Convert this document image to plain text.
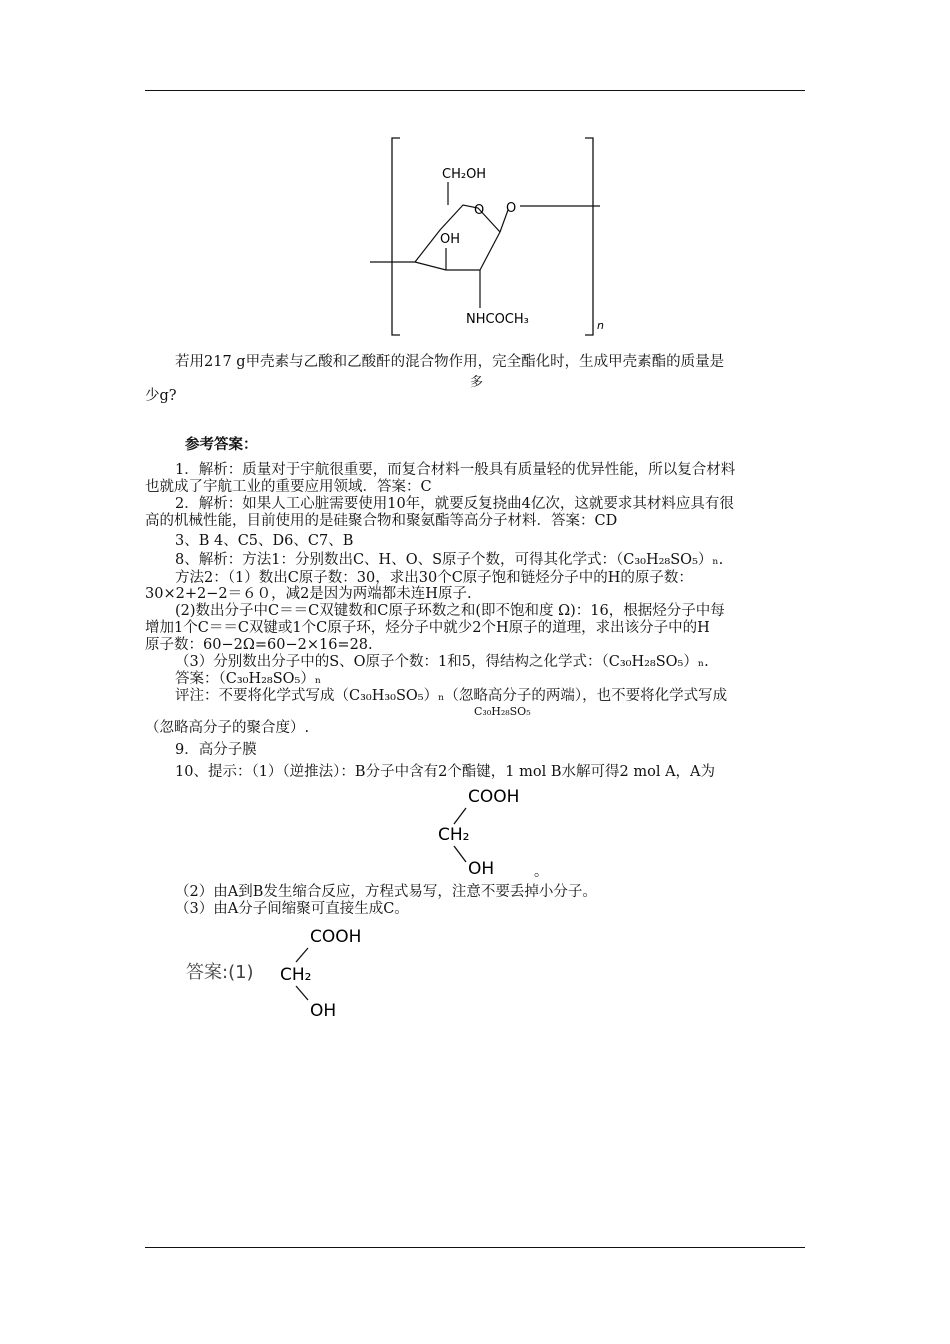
CH₂OH
O O
OH
NHCOCH₃	n
若用217 g甲壳素与乙酸和乙酸酐的混合物作用，完全酯化时，生成甲壳素酯的质量是
多
少g?
参考答案：
1．解析：质量对于宇航很重要，而复合材料一般具有质量轻的优异性能，所以复合材料
也就成了宇航工业的重要应用领域．答案：C
2．解析：如果人工心脏需要使用10年，就要反复挠曲4亿次，这就要求其材料应具有很
高的机械性能，目前使用的是硅聚合物和聚氨酯等高分子材料．答案：CD
3、B 4、C5、D6、C7、B
8、解析：方法1：分别数出C、H、O、S原子个数，可得其化学式：（C₃₀H₂₈SO₅）ₙ.
方法2：（1）数出C原子数：30，求出30个C原子饱和链烃分子中的H的原子数：
30×2+2−2＝６０，减2是因为两端都未连H原子.
(2)数出分子中C＝＝C双键数和C原子环数之和(即不饱和度 Ω)：16，根据烃分子中每
增加1个C＝＝C双键或1个C原子环，烃分子中就少2个H原子的道理，求出该分子中的H
原子数：60−2Ω=60−2×16=28.
（3）分别数出分子中的S、O原子个数：1和5，得结构之化学式：（C₃₀H₂₈SO₅）ₙ.
答案：（C₃₀H₂₈SO₅）ₙ
评注：不要将化学式写成（C₃₀H₃₀SO₅）ₙ（忽略高分子的两端），也不要将化学式写成
C₃₀H₂₈SO₅
（忽略高分子的聚合度）.
9．高分子膜
10、提示：（1）（逆推法）：B分子中含有2个酯键，1 mol B水解可得2 mol A，A为
COOH
CH₂
OH	。
（2）由A到B发生缩合反应，方程式易写，注意不要丢掉小分子。
（3）由A分子间缩聚可直接生成C。
答案:(1)
COOH
CH₂
OH
